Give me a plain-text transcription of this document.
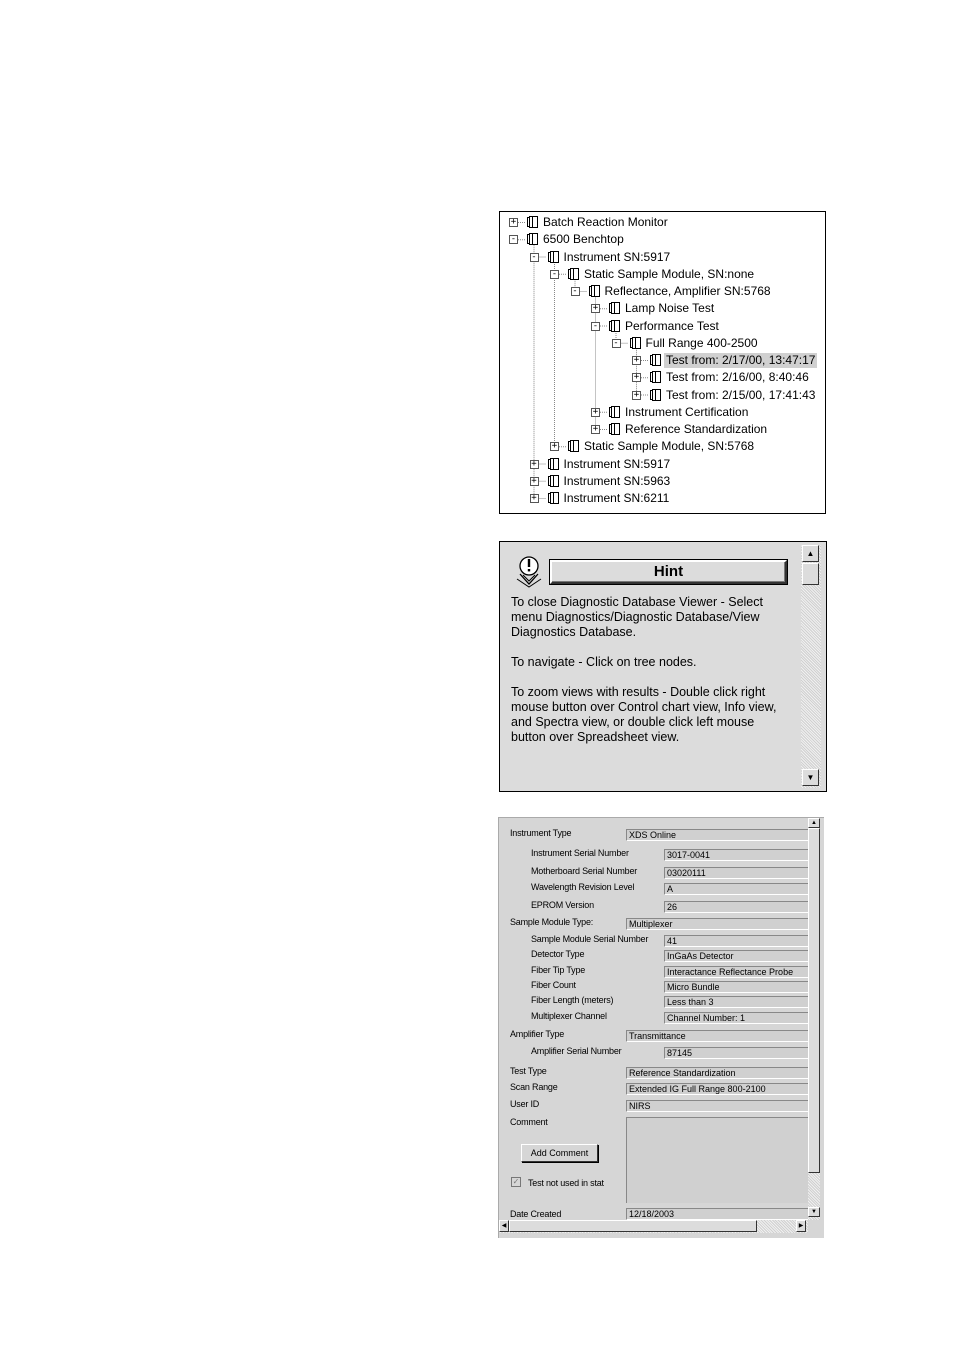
+ Batch Reaction Monitor
- 6500 Benchtop
- Instrument SN:5917
- Static Sample Module, SN:none
- Reflectance, Amplifier SN:5768
+ Lamp Noise Test
- Performance Test
- Full Range 400-2500
+ Test from: 2/17/00, 13:47:17
+ Test from: 2/16/00, 8:40:46
+ Test from: 2/15/00, 17:41:43
+ Instrument Certification
+ Reference Standardization
+ Static Sample Module, SN:5768
+ Instrument SN:5917
+ Instrument SN:5963
+ Instrument SN:6211
Hint

To close Diagnostic Database Viewer - Select menu Diagnostics/Diagnostic Database/View Diagnostics Database.

To navigate - Click on tree nodes.

To zoom views with results - Double click right mouse button over Control chart view, Info view, and Spectra view, or double click left mouse button over Spreadsheet view.

▲
▼
Instrument Type	XDS Online
Instrument Serial Number	3017-0041
Motherboard Serial Number	03020111
Wavelength Revision Level	A
EPROM Version	26
Sample Module Type:	Multiplexer
Sample Module Serial Number	41
Detector Type	InGaAs Detector
Fiber Tip Type	Interactance Reflectance Probe
Fiber Count	Micro Bundle
Fiber Length (meters)	Less than 3
Multiplexer Channel	Channel Number: 1
Amplifier Type	Transmittance
Amplifier Serial Number	87145
Test Type	Reference Standardization
Scan Range	Extended IG Full Range 800-2100
User ID	NIRS
Comment
Add Comment
✓ Test not used in stat
Date Created	12/18/2003
▲
▼
◀	▶
